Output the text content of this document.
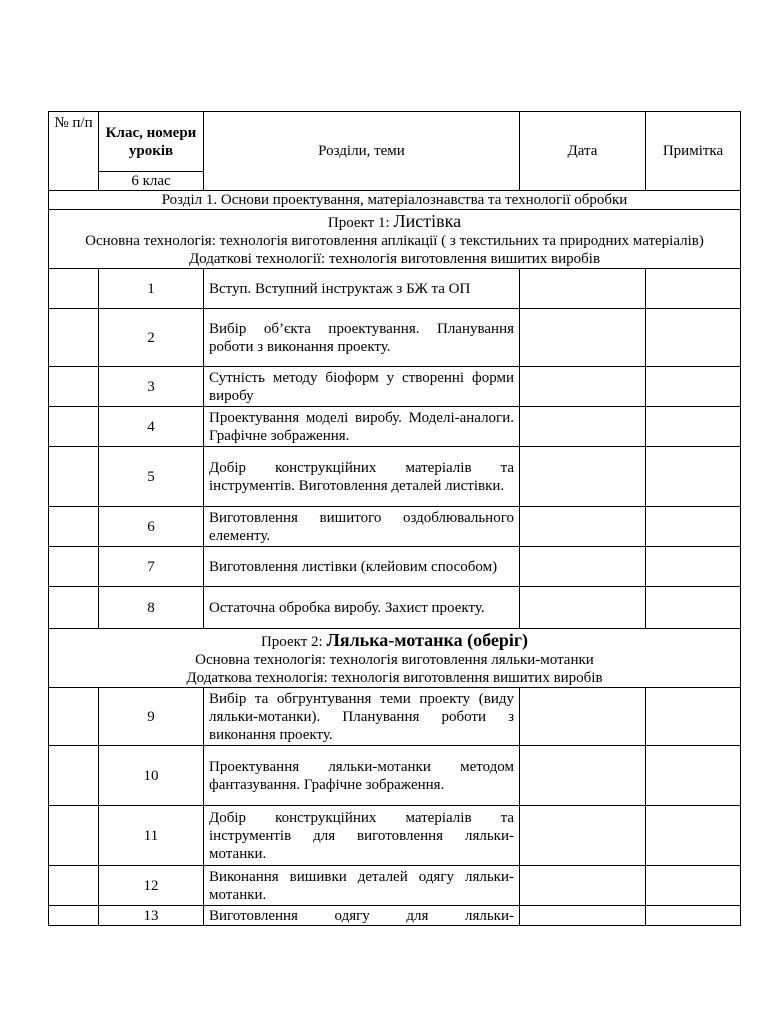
№ п/п	Клас, номери уроків	Розділи, теми	Дата	Примітка
	6 клас			
Розділ 1. Основи проектування, матеріалознавства та технології обробки				

Проект 1: Листівка
Основна технологія: технологія виготовлення аплікації ( з текстильних та природних матеріалів)
Додаткові технології: технологія виготовлення вишитих виробів				

	1	Вступ. Вступний інструктаж з БЖ та ОП		
	2	Вибір об’єкта проектування. Планування роботи з виконання проекту.		
	3	Сутність методу біоформ у створенні форми виробу		
	4	Проектування моделі виробу. Моделі-аналоги. Графічне зображення.		
	5	Добір конструкційних матеріалів та інструментів. Виготовлення деталей листівки.		
	6	Виготовлення вишитого оздоблювального елементу.		
	7	Виготовлення листівки (клейовим способом)		
	8	Остаточна обробка виробу. Захист проекту.		

Проект 2: Лялька-мотанка (оберіг)
Основна технологія: технологія виготовлення ляльки-мотанки
Додаткова технологія: технологія виготовлення вишитих виробів				

	9	Вибір та обгрунтування теми проекту (виду ляльки-мотанки). Планування роботи з виконання проекту.		
	10	Проектування ляльки-мотанки методом фантазування. Графічне зображення.		
	11	Добір конструкційних матеріалів та інструментів для виготовлення ляльки-мотанки.		
	12	Виконання вишивки деталей одягу ляльки-мотанки.		
	13	Виготовлення одягу для ляльки-		
